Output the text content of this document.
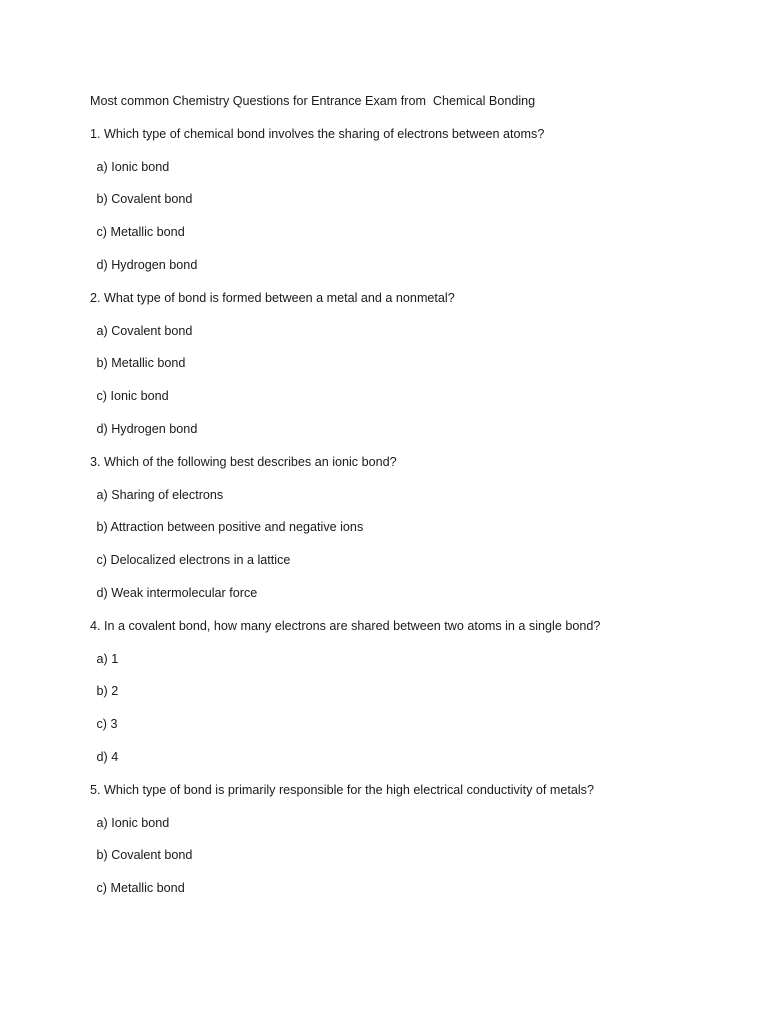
Most common Chemistry Questions for Entrance Exam from  Chemical Bonding
1. Which type of chemical bond involves the sharing of electrons between atoms?
a) Ionic bond
b) Covalent bond
c) Metallic bond
d) Hydrogen bond
2. What type of bond is formed between a metal and a nonmetal?
a) Covalent bond
b) Metallic bond
c) Ionic bond
d) Hydrogen bond
3. Which of the following best describes an ionic bond?
a) Sharing of electrons
b) Attraction between positive and negative ions
c) Delocalized electrons in a lattice
d) Weak intermolecular force
4. In a covalent bond, how many electrons are shared between two atoms in a single bond?
a) 1
b) 2
c) 3
d) 4
5. Which type of bond is primarily responsible for the high electrical conductivity of metals?
a) Ionic bond
b) Covalent bond
c) Metallic bond
